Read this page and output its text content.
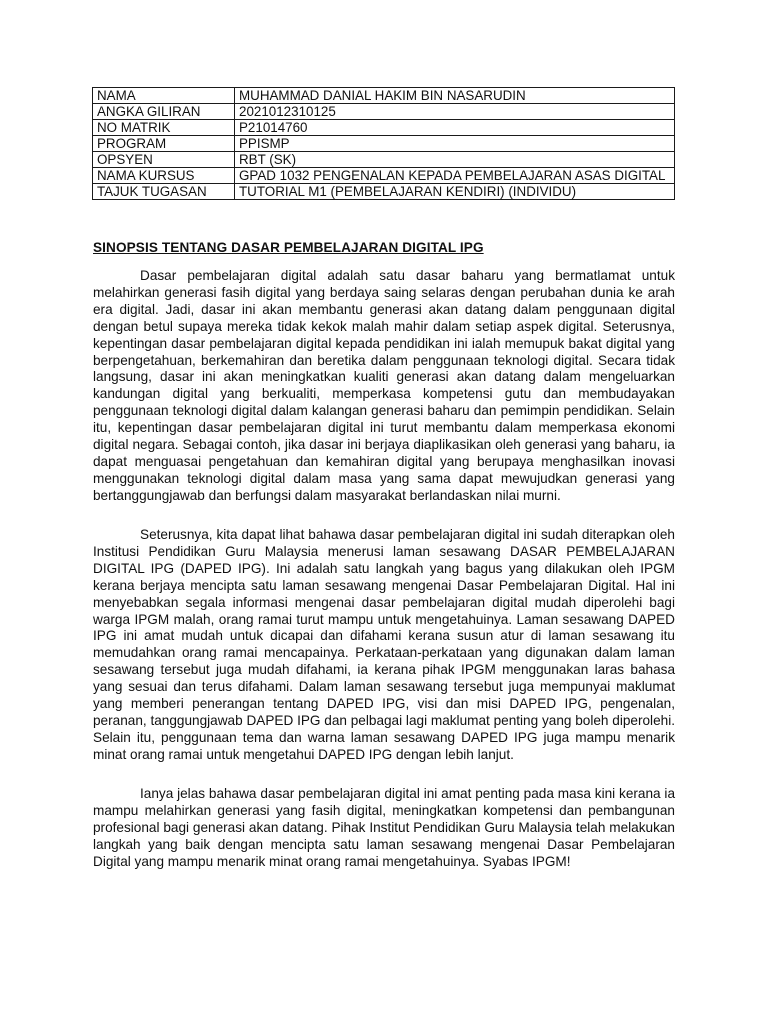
NAMA	MUHAMMAD DANIAL HAKIM BIN NASARUDIN
ANGKA GILIRAN	2021012310125
NO MATRIK	P21014760
PROGRAM	PPISMP
OPSYEN	RBT (SK)
NAMA KURSUS	GPAD 1032 PENGENALAN KEPADA PEMBELAJARAN ASAS DIGITAL
TAJUK TUGASAN	TUTORIAL M1 (PEMBELAJARAN KENDIRI) (INDIVIDU)
SINOPSIS TENTANG DASAR PEMBELAJARAN DIGITAL IPG

Dasar pembelajaran digital adalah satu dasar baharu yang bermatlamat untuk melahirkan generasi fasih digital yang berdaya saing selaras dengan perubahan dunia ke arah era digital. Jadi, dasar ini akan membantu generasi akan datang dalam penggunaan digital dengan betul supaya mereka tidak kekok malah mahir dalam setiap aspek digital. Seterusnya, kepentingan dasar pembelajaran digital kepada pendidikan ini ialah memupuk bakat digital yang berpengetahuan, berkemahiran dan beretika dalam penggunaan teknologi digital. Secara tidak langsung, dasar ini akan meningkatkan kualiti generasi akan datang dalam mengeluarkan kandungan digital yang berkualiti, memperkasa kompetensi gutu dan membudayakan penggunaan teknologi digital dalam kalangan generasi baharu dan pemimpin pendidikan. Selain itu, kepentingan dasar pembelajaran digital ini turut membantu dalam memperkasa ekonomi digital negara. Sebagai contoh, jika dasar ini berjaya diaplikasikan oleh generasi yang baharu, ia dapat menguasai pengetahuan dan kemahiran digital yang berupaya menghasilkan inovasi menggunakan teknologi digital dalam masa yang sama dapat mewujudkan generasi yang bertanggungjawab dan berfungsi dalam masyarakat berlandaskan nilai murni.

Seterusnya, kita dapat lihat bahawa dasar pembelajaran digital ini sudah diterapkan oleh Institusi Pendidikan Guru Malaysia menerusi laman sesawang DASAR PEMBELAJARAN DIGITAL IPG (DAPED IPG). Ini adalah satu langkah yang bagus yang dilakukan oleh IPGM kerana berjaya mencipta satu laman sesawang mengenai Dasar Pembelajaran Digital. Hal ini menyebabkan segala informasi mengenai dasar pembelajaran digital mudah diperolehi bagi warga IPGM malah, orang ramai turut mampu untuk mengetahuinya. Laman sesawang DAPED IPG ini amat mudah untuk dicapai dan difahami kerana susun atur di laman sesawang itu memudahkan orang ramai mencapainya. Perkataan-perkataan yang digunakan dalam laman sesawang tersebut juga mudah difahami, ia kerana pihak IPGM menggunakan laras bahasa yang sesuai dan terus difahami. Dalam laman sesawang tersebut juga mempunyai maklumat yang memberi penerangan tentang DAPED IPG, visi dan misi DAPED IPG, pengenalan, peranan, tanggungjawab DAPED IPG dan pelbagai lagi maklumat penting yang boleh diperolehi. Selain itu, penggunaan tema dan warna laman sesawang DAPED IPG juga mampu menarik minat orang ramai untuk mengetahui DAPED IPG dengan lebih lanjut.

Ianya jelas bahawa dasar pembelajaran digital ini amat penting pada masa kini kerana ia mampu melahirkan generasi yang fasih digital, meningkatkan kompetensi dan pembangunan profesional bagi generasi akan datang. Pihak Institut Pendidikan Guru Malaysia telah melakukan langkah yang baik dengan mencipta satu laman sesawang mengenai Dasar Pembelajaran Digital yang mampu menarik minat orang ramai mengetahuinya. Syabas IPGM!
